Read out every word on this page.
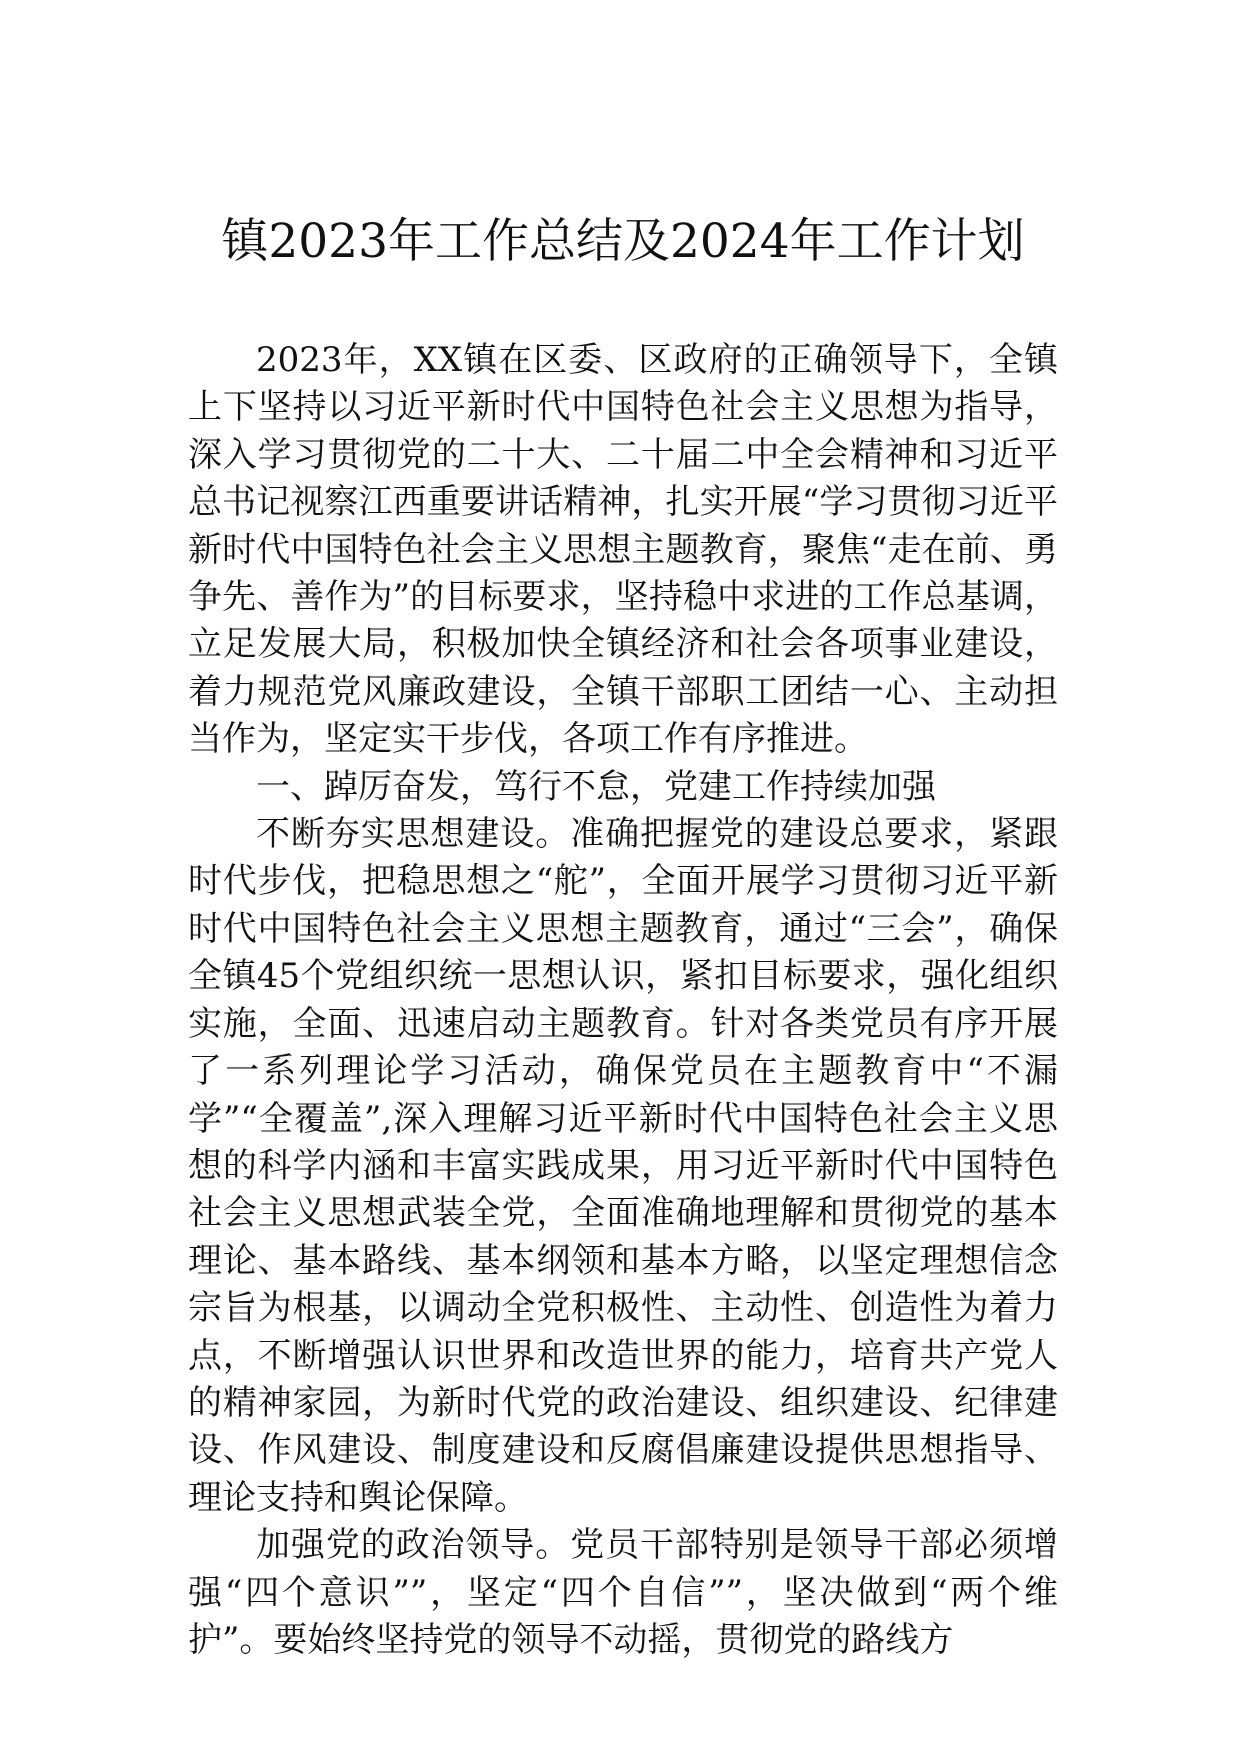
镇2023年工作总结及2024年工作计划

2023年，XX镇在区委、区政府的正确领导下，全镇上下坚持以习近平新时代中国特色社会主义思想为指导，深入学习贯彻党的二十大、二十届二中全会精神和习近平总书记视察江西重要讲话精神，扎实开展“学习贯彻习近平新时代中国特色社会主义思想主题教育，聚焦“走在前、勇争先、善作为”的目标要求，坚持稳中求进的工作总基调，立足发展大局，积极加快全镇经济和社会各项事业建设，着力规范党风廉政建设，全镇干部职工团结一心、主动担当作为，坚定实干步伐，各项工作有序推进。

一、踔厉奋发，笃行不怠，党建工作持续加强

不断夯实思想建设。准确把握党的建设总要求，紧跟时代步伐，把稳思想之“舵”，全面开展学习贯彻习近平新时代中国特色社会主义思想主题教育，通过“三会”，确保全镇45个党组织统一思想认识，紧扣目标要求，强化组织实施，全面、迅速启动主题教育。针对各类党员有序开展了一系列理论学习活动，确保党员在主题教育中“不漏学”“全覆盖”,深入理解习近平新时代中国特色社会主义思想的科学内涵和丰富实践成果，用习近平新时代中国特色社会主义思想武装全党，全面准确地理解和贯彻党的基本理论、基本路线、基本纲领和基本方略，以坚定理想信念宗旨为根基，以调动全党积极性、主动性、创造性为着力点，不断增强认识世界和改造世界的能力，培育共产党人的精神家园，为新时代党的政治建设、组织建设、纪律建设、作风建设、制度建设和反腐倡廉建设提供思想指导、理论支持和舆论保障。

加强党的政治领导。党员干部特别是领导干部必须增强“四个意识””，坚定“四个自信””，坚决做到“两个维护”。要始终坚持党的领导不动摇，贯彻党的路线方
